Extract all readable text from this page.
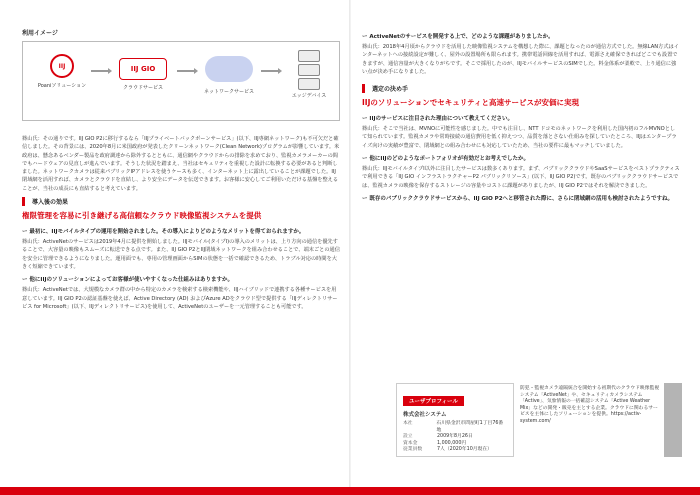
利用イメージ
IIJ
Poaniソリューション
IIJ GIO
クラウドサービス
ネットワークサービス
エッジデバイス

篠山氏：その通りです。IIJ GIO P2に移行するなら「IIJプライベートバックボーンサービス」(以下、IIJ専網ネットワーク)も不可欠だと確信しました。その背景には、2020年8月に米国政府が発表したクリーンネットワーク(Clean Network)プログラムが影響しています。米政府は、懸念あるベンダー製品を政府調達から除外するとともに、通信網やクラウドからの排除を求めており、監視カメラメーカーの間でもハードウェアの見直しが進んでいます。そうした状況を踏まえ、当社はセキュリティを重視した設計に転換する必要があると判断しました。ネットワークカメラは従来パブリックIPアドレスを使うケースも多く、インターネット上に露出していることが課題でした。IIJ閉域網を活用すれば、カメラとクラウドを直結し、より安全にデータを伝送できます。お客様に安心してご利用いただける基盤を整えることが、当社の成長にも直結すると考えています。

導入後の効果
権限管理を容易に引き継げる高信頼なクラウド映像監視システムを提供
ー 最初に、IIJモバイルタイプの運用を開始されました。その導入によりどのようなメリットを得ておられますか。

篠山氏：ActiveNetのサービスは2019年4月に提供を開始しました。IIJモバイル(タイプI)の導入のメリットは、上り方向の通信を優先することで、大容量の映像もスムーズに転送できる点です。また、IIJ GIO P2とIIJ閉域ネットワークを組み合わせることで、端末ごとの通信を安全に管理できるようになりました。運用面でも、専用の管理画面からSIMの状態を一括で確認できるため、トラブル対応の時間を大きく短縮できています。

ー 他にIIJのソリューションによってお客様が使いやすくなった仕組みはありますか。

篠山氏：ActiveNetでは、大規模なカメラ群の中から特定のカメラを検索する検索機能や、IIJハイブリッドで連携する各種サービスを用意しています。IIJ GIO P2の認証基盤を使えば、Active Directory (AD) およびAzure ADをクラウド型で提供する「IIJディレクトリサービス for Microsoft」(以下、IIJディレクトリサービス)を使用して、ActiveNetのユーザーを一元管理することも可能です。

ー ActiveNetのサービスを開発する上で、どのような課題がありましたか。

篠山氏：2018年4月頃からクラウドを活用した映像監視システムを構想した際に、課題となったのが通信方式でした。無線LAN方式はインターネットへの接続設定が難しく、屋外の設置場所も限られます。携帯電話回線を活用すれば、電源さえ確保できればどこでも設置できますが、通信容量が大きくなりがちです。そこで採用したのが、IIJモバイルサービスのSIMでした。料金体系が柔軟で、上り通信に強い点が決め手になりました。

選定の決め手
IIJのソリューションでセキュリティと高速サービスが安価に実現
ー IIJのサービスに注目された理由について教えてください。

篠山氏：そこで当社は、MVNOに可能性を感じました。中でも注目し、NTT ドコモのネットワークを利用した国内初のフルMVNOとして知られています。監視カメラや常時接続の通信費用を低く抑えつつ、品質を落とさない仕組みを探していたところ、IIJはエンタープライズ向けの実績が豊富で、閉域網との組み合わせにも対応していたため、当社の要件に最もマッチしていました。

ー 他にIIJのどのようなポートフォリオが有効だとお考えでしたか。

篠山氏：IIJモバイルタイプI以外に注目したサービスは数多くあります。まず、パブリッククラウドやSaaSサービスをベストプラクティスで利用できる「IIJ GIO インフラストラクチャーP2 パブリックリソース」(以下、IIJ GIO P2)です。既存のパブリッククラウドサービスでは、監視カメラの映像を保存するストレージの容量やコストに課題がありましたが、IIJ GIO P2ではそれを解決できました。

ー 既存のパブリッククラウドサービスから、IIJ GIO P2へと移管された際に、さらに閉域網の活用も検討されたようですね。
ユーザプロフィール
株式会社システム
本社	石川県金沢市問屋町1丁目76番地
設立	2009年8月26日
資本金	1,000,000円
従業員数	7人（2020年10月現在）
防犯・監視カメラ遠隔統合を開始する初期代のクラウド映像監視システム「ActiveNet」や、セキュリティカメラシステム「Active」、気象情報の一括確認システム「Active Weather Mix」などの開発・販売を主とする企業。クラウドに関わるサービスを主体にしたソリューションを提供。https://activ-system.com/
